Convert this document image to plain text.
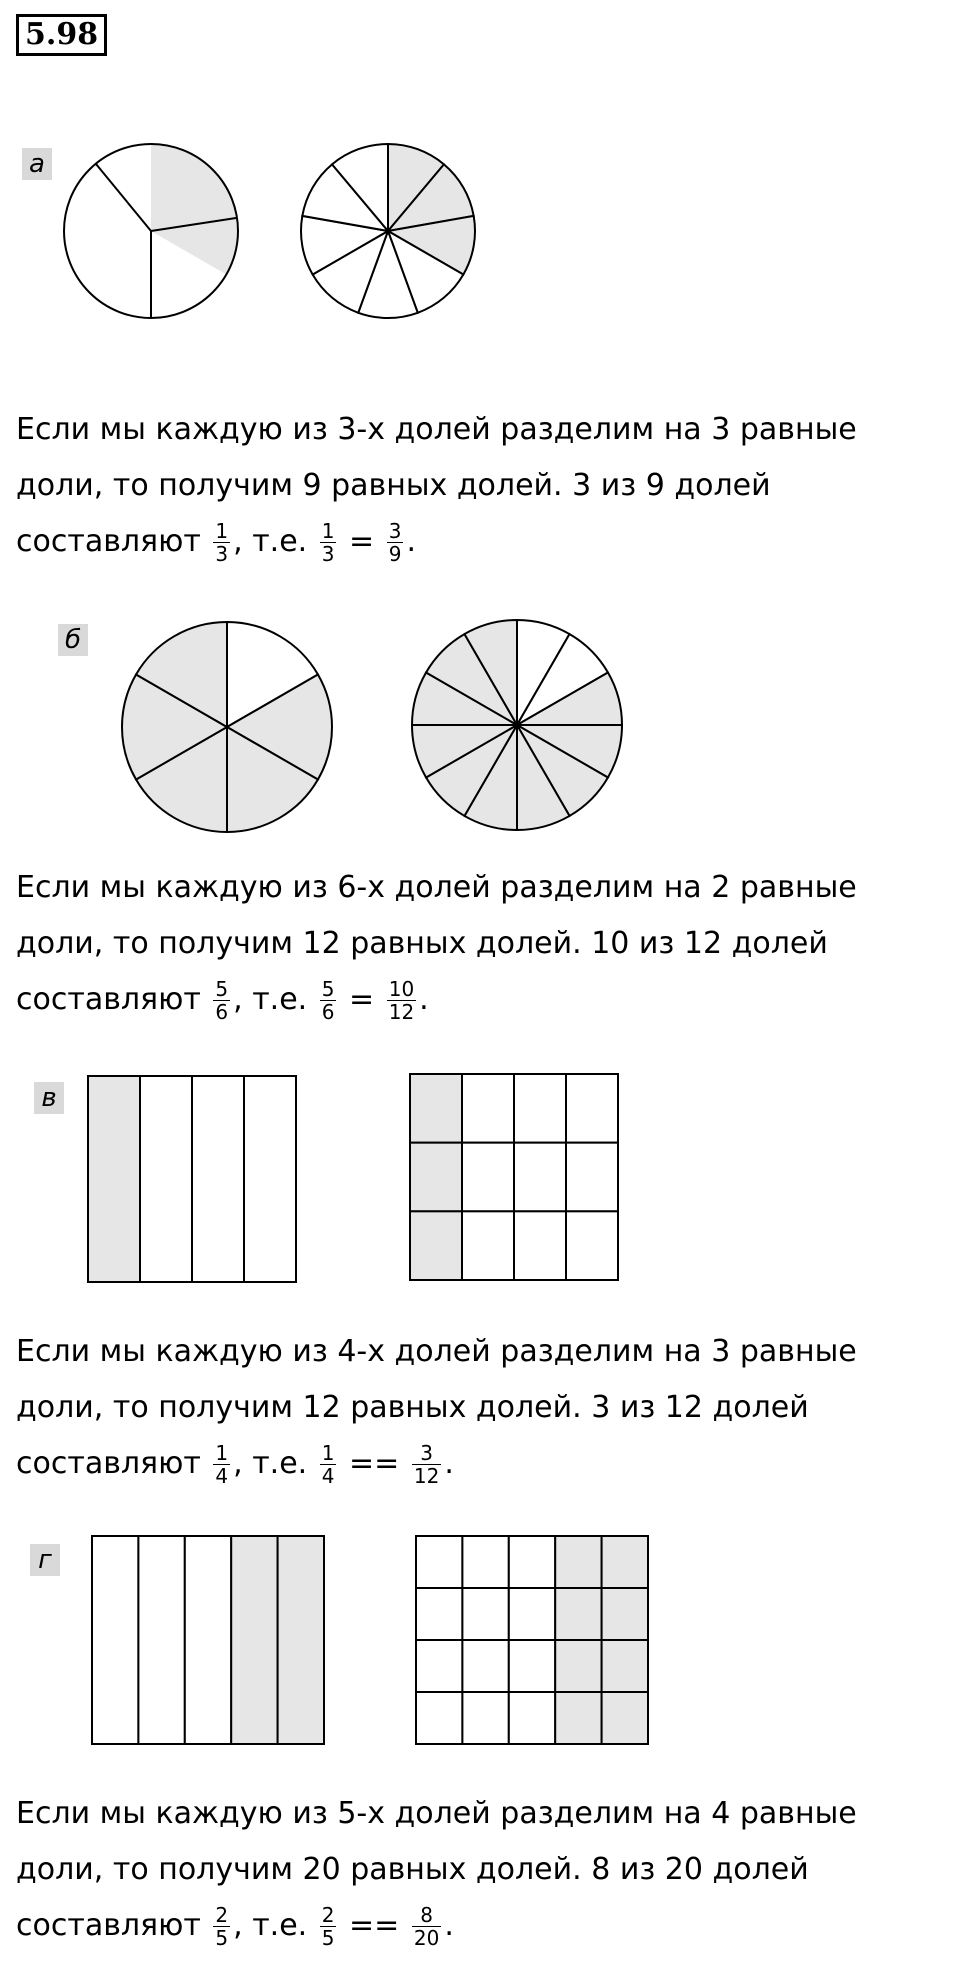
5.98
а
Если мы каждую из 3-х долей разделим на 3 равные доли, то получим 9 равных долей. 3 из 9 долей составляют $\frac{1}{3}$ , т.е. $\frac{1}{3} = \frac{3}{9}$ .
б
Если мы каждую из 6-х долей разделим на 2 равные доли, то получим 12 равных долей. 10 из 12 долей составляют $\frac{5}{6}$ , т.е. $\frac{5}{6} = \frac{10}{12}$ .
в
Если мы каждую из 4-х долей разделим на 3 равные доли, то получим 12 равных долей. 3 из 12 долей составляют $\frac{1}{4}$ , т.е. $\frac{1}{4} == \frac{3}{12}$ .
г
Если мы каждую из 5-х долей разделим на 4 равные доли, то получим 20 равных долей. 8 из 20 долей составляют $\frac{2}{5}$ , т.е. $\frac{2}{5} == \frac{8}{20}$ .
